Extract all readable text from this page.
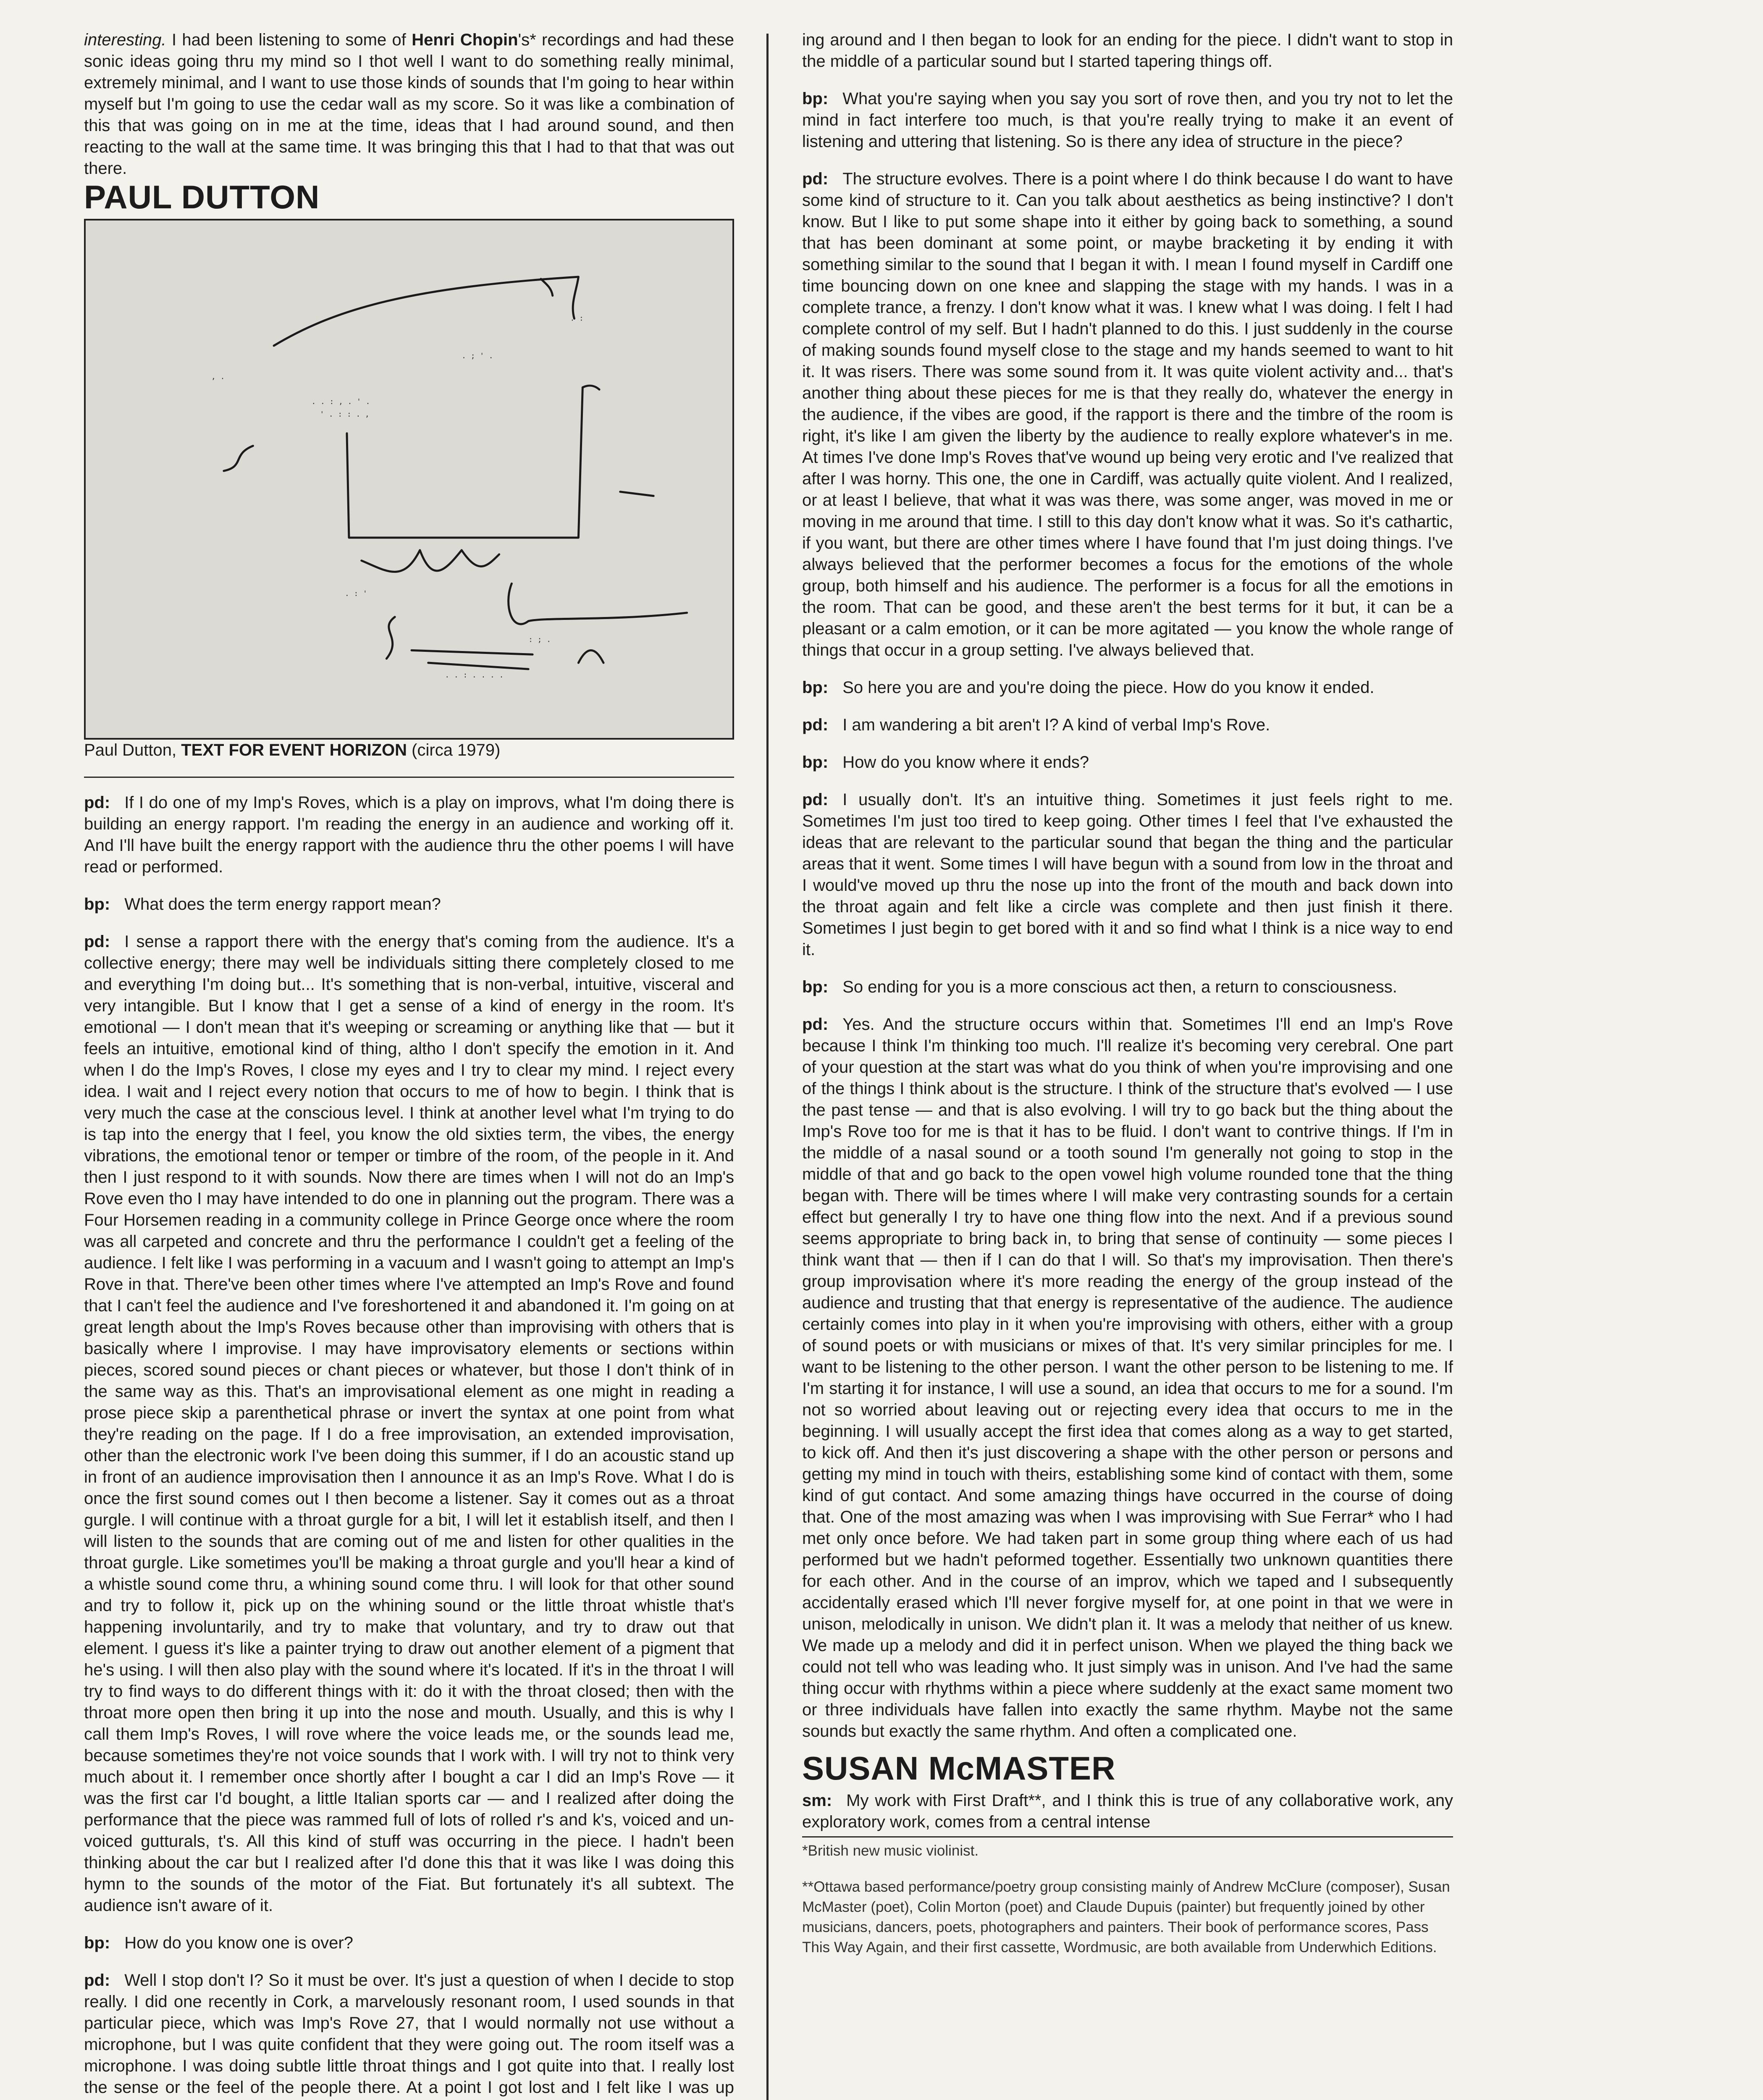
interesting. I had been listening to some of Henri Chopin's* recordings and had these sonic ideas going thru my mind so I thot well I want to do something really minimal, extremely minimal, and I want to use those kinds of sounds that I'm going to hear within myself but I'm going to use the cedar wall as my score. So it was like a combination of this that was going on in me at the time, ideas that I had around sound, and then reacting to the wall at the same time. It was bringing this that I had to that that was out there.

PAUL DUTTON
. . : , . ' .
' . : : . ,
. ; ' .
. :
, .
. . : . . . .
. : '
: ; .

Paul Dutton, TEXT FOR EVENT HORIZON (circa 1979)

pd: If I do one of my Imp's Roves, which is a play on improvs, what I'm doing there is building an energy rapport. I'm reading the energy in an audience and working off it. And I'll have built the energy rapport with the audience thru the other poems I will have read or performed.

bp: What does the term energy rapport mean?

pd: I sense a rapport there with the energy that's coming from the audience. It's a collective energy; there may well be individuals sitting there completely closed to me and everything I'm doing but... It's something that is non-verbal, intuitive, visceral and very intangible. But I know that I get a sense of a kind of energy in the room. It's emotional — I don't mean that it's weeping or screaming or anything like that — but it feels an intuitive, emotional kind of thing, altho I don't specify the emotion in it. And when I do the Imp's Roves, I close my eyes and I try to clear my mind. I reject every idea. I wait and I reject every notion that occurs to me of how to begin. I think that is very much the case at the conscious level. I think at another level what I'm trying to do is tap into the energy that I feel, you know the old sixties term, the vibes, the energy vibrations, the emotional tenor or temper or timbre of the room, of the people in it. And then I just respond to it with sounds. Now there are times when I will not do an Imp's Rove even tho I may have intended to do one in planning out the program. There was a Four Horsemen reading in a community college in Prince George once where the room was all carpeted and concrete and thru the performance I couldn't get a feeling of the audience. I felt like I was performing in a vacuum and I wasn't going to attempt an Imp's Rove in that. There've been other times where I've attempted an Imp's Rove and found that I can't feel the audience and I've foreshortened it and abandoned it. I'm going on at great length about the Imp's Roves because other than improvising with others that is basically where I improvise. I may have improvisatory elements or sections within pieces, scored sound pieces or chant pieces or whatever, but those I don't think of in the same way as this. That's an improvisational element as one might in reading a prose piece skip a parenthetical phrase or invert the syntax at one point from what they're reading on the page. If I do a free improvisation, an extended improvisation, other than the electronic work I've been doing this summer, if I do an acoustic stand up in front of an audience improvisation then I announce it as an Imp's Rove. What I do is once the first sound comes out I then become a listener. Say it comes out as a throat gurgle. I will continue with a throat gurgle for a bit, I will let it establish itself, and then I will listen to the sounds that are coming out of me and listen for other qualities in the throat gurgle. Like sometimes you'll be making a throat gurgle and you'll hear a kind of a whistle sound come thru, a whining sound come thru. I will look for that other sound and try to follow it, pick up on the whining sound or the little throat whistle that's happening involuntarily, and try to make that voluntary, and try to draw out that element. I guess it's like a painter trying to draw out another element of a pigment that he's using. I will then also play with the sound where it's located. If it's in the throat I will try to find ways to do different things with it: do it with the throat closed; then with the throat more open then bring it up into the nose and mouth. Usually, and this is why I call them Imp's Roves, I will rove where the voice leads me, or the sounds lead me, because sometimes they're not voice sounds that I work with. I will try not to think very much about it. I remember once shortly after I bought a car I did an Imp's Rove — it was the first car I'd bought, a little Italian sports car — and I realized after doing the performance that the piece was rammed full of lots of rolled r's and k's, voiced and un-voiced gutturals, t's. All this kind of stuff was occurring in the piece. I hadn't been thinking about the car but I realized after I'd done this that it was like I was doing this hymn to the sounds of the motor of the Fiat. But fortunately it's all subtext. The audience isn't aware of it.

bp: How do you know one is over?

pd: Well I stop don't I? So it must be over. It's just a question of when I decide to stop really. I did one recently in Cork, a marvelously resonant room, I used sounds in that particular piece, which was Imp's Rove 27, that I would normally not use without a microphone, but I was quite confident that they were going out. The room itself was a microphone. I was doing subtle little throat things and I got quite into that. I really lost the sense or the feel of the people there. At a point I got lost and I felt like I was up

ing around and I then began to look for an ending for the piece. I didn't want to stop in the middle of a particular sound but I started tapering things off.

bp: What you're saying when you say you sort of rove then, and you try not to let the mind in fact interfere too much, is that you're really trying to make it an event of listening and uttering that listening. So is there any idea of structure in the piece?

pd: The structure evolves. There is a point where I do think because I do want to have some kind of structure to it. Can you talk about aesthetics as being instinctive? I don't know. But I like to put some shape into it either by going back to something, a sound that has been dominant at some point, or maybe bracketing it by ending it with something similar to the sound that I began it with. I mean I found myself in Cardiff one time bouncing down on one knee and slapping the stage with my hands. I was in a complete trance, a frenzy. I don't know what it was. I knew what I was doing. I felt I had complete control of my self. But I hadn't planned to do this. I just suddenly in the course of making sounds found myself close to the stage and my hands seemed to want to hit it. It was risers. There was some sound from it. It was quite violent activity and... that's another thing about these pieces for me is that they really do, whatever the energy in the audience, if the vibes are good, if the rapport is there and the timbre of the room is right, it's like I am given the liberty by the audience to really explore whatever's in me. At times I've done Imp's Roves that've wound up being very erotic and I've realized that after I was horny. This one, the one in Cardiff, was actually quite violent. And I realized, or at least I believe, that what it was was there, was some anger, was moved in me or moving in me around that time. I still to this day don't know what it was. So it's cathartic, if you want, but there are other times where I have found that I'm just doing things. I've always believed that the performer becomes a focus for the emotions of the whole group, both himself and his audience. The performer is a focus for all the emotions in the room. That can be good, and these aren't the best terms for it but, it can be a pleasant or a calm emotion, or it can be more agitated — you know the whole range of things that occur in a group setting. I've always believed that.

bp: So here you are and you're doing the piece. How do you know it ended.

pd: I am wandering a bit aren't I? A kind of verbal Imp's Rove.

bp: How do you know where it ends?

pd: I usually don't. It's an intuitive thing. Sometimes it just feels right to me. Sometimes I'm just too tired to keep going. Other times I feel that I've exhausted the ideas that are relevant to the particular sound that began the thing and the particular areas that it went. Some times I will have begun with a sound from low in the throat and I would've moved up thru the nose up into the front of the mouth and back down into the throat again and felt like a circle was complete and then just finish it there. Sometimes I just begin to get bored with it and so find what I think is a nice way to end it.

bp: So ending for you is a more conscious act then, a return to consciousness.

pd: Yes. And the structure occurs within that. Sometimes I'll end an Imp's Rove because I think I'm thinking too much. I'll realize it's becoming very cerebral. One part of your question at the start was what do you think of when you're improvising and one of the things I think about is the structure. I think of the structure that's evolved — I use the past tense — and that is also evolving. I will try to go back but the thing about the Imp's Rove too for me is that it has to be fluid. I don't want to contrive things. If I'm in the middle of a nasal sound or a tooth sound I'm generally not going to stop in the middle of that and go back to the open vowel high volume rounded tone that the thing began with. There will be times where I will make very contrasting sounds for a certain effect but generally I try to have one thing flow into the next. And if a previous sound seems appropriate to bring back in, to bring that sense of continuity — some pieces I think want that — then if I can do that I will. So that's my improvisation. Then there's group improvisation where it's more reading the energy of the group instead of the audience and trusting that that energy is representative of the audience. The audience certainly comes into play in it when you're improvising with others, either with a group of sound poets or with musicians or mixes of that. It's very similar principles for me. I want to be listening to the other person. I want the other person to be listening to me. If I'm starting it for instance, I will use a sound, an idea that occurs to me for a sound. I'm not so worried about leaving out or rejecting every idea that occurs to me in the beginning. I will usually accept the first idea that comes along as a way to get started, to kick off. And then it's just discovering a shape with the other person or persons and getting my mind in touch with theirs, establishing some kind of contact with them, some kind of gut contact. And some amazing things have occurred in the course of doing that. One of the most amazing was when I was improvising with Sue Ferrar* who I had met only once before. We had taken part in some group thing where each of us had performed but we hadn't peformed together. Essentially two unknown quantities there for each other. And in the course of an improv, which we taped and I subsequently accidentally erased which I'll never forgive myself for, at one point in that we were in unison, melodically in unison. We didn't plan it. It was a melody that neither of us knew. We made up a melody and did it in perfect unison. When we played the thing back we could not tell who was leading who. It just simply was in unison. And I've had the same thing occur with rhythms within a piece where suddenly at the exact same moment two or three individuals have fallen into exactly the same rhythm. Maybe not the same sounds but exactly the same rhythm. And often a complicated one.

SUSAN McMASTER

sm: My work with First Draft**, and I think this is true of any collaborative work, any exploratory work, comes from a central intense

*British new music violinist.

**Ottawa based performance/poetry group consisting mainly of Andrew McClure (composer), Susan McMaster (poet), Colin Morton (poet) and Claude Dupuis (painter) but frequently joined by other musicians, dancers, poets, photographers and painters. Their book of performance scores, Pass This Way Again, and their first cassette, Wordmusic, are both available from Underwhich Editions.
